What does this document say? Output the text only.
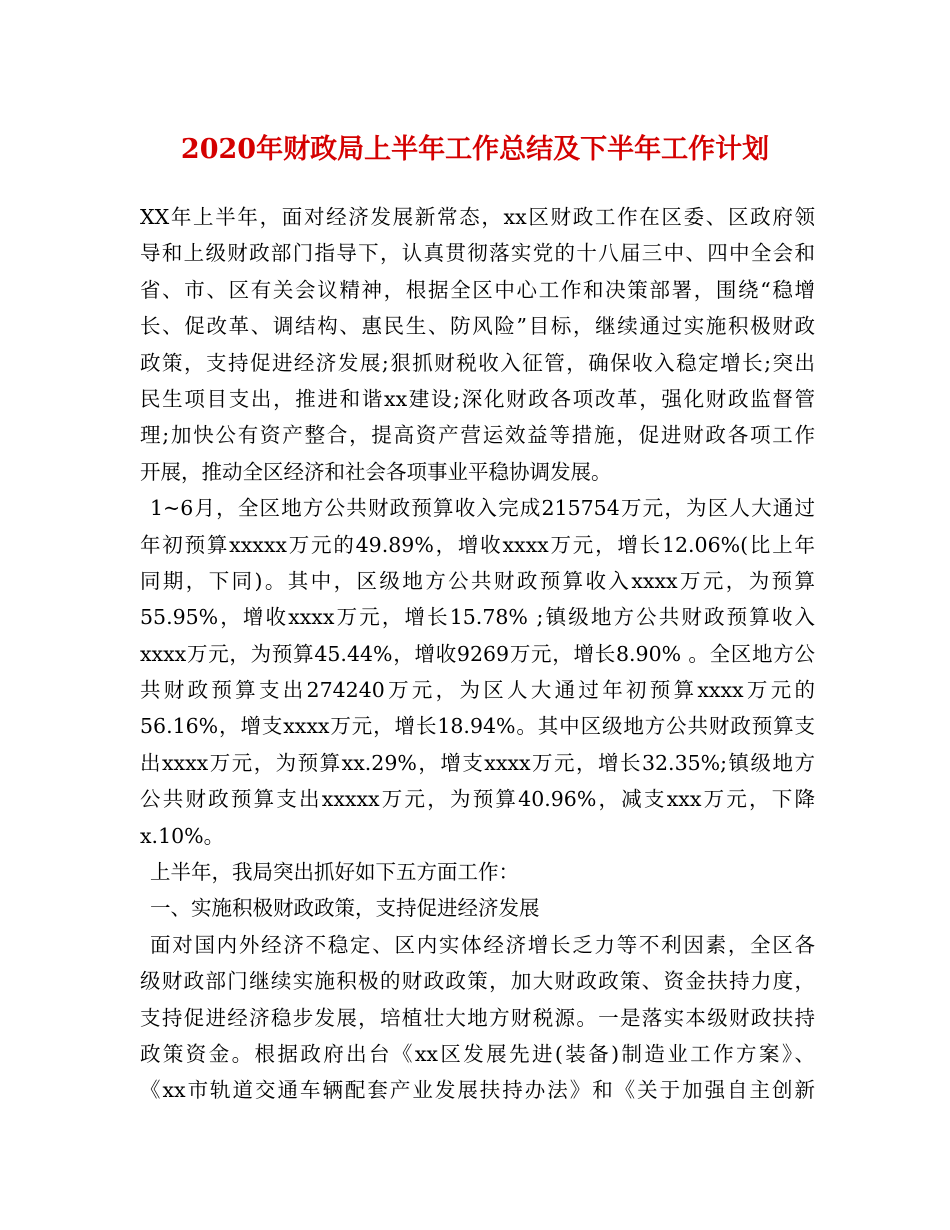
2020年财政局上半年工作总结及下半年工作计划
XX年上半年，面对经济发展新常态，xx区财政工作在区委、区政府领
导和上级财政部门指导下，认真贯彻落实党的十八届三中、四中全会和
省、市、区有关会议精神，根据全区中心工作和决策部署，围绕“稳增
长、促改革、调结构、惠民生、防风险”目标，继续通过实施积极财政
政策，支持促进经济发展;狠抓财税收入征管，确保收入稳定增长;突出
民生项目支出，推进和谐xx建设;深化财政各项改革，强化财政监督管
理;加快公有资产整合，提高资产营运效益等措施，促进财政各项工作
开展，推动全区经济和社会各项事业平稳协调发展。
1~6月，全区地方公共财政预算收入完成215754万元，为区人大通过
年初预算xxxxx万元的49.89%，增收xxxx万元，增长12.06%(比上年
同期，下同)。其中，区级地方公共财政预算收入xxxx万元，为预算
55.95%，增收xxxx万元，增长15.78% ;镇级地方公共财政预算收入
xxxx万元，为预算45.44%，增收9269万元，增长8.90% 。全区地方公
共财政预算支出274240万元，为区人大通过年初预算xxxx万元的
56.16%，增支xxxx万元，增长18.94%。其中区级地方公共财政预算支
出xxxx万元，为预算xx.29%，增支xxxx万元，增长32.35%;镇级地方
公共财政预算支出xxxxx万元，为预算40.96%，减支xxx万元，下降
x.10%。
上半年，我局突出抓好如下五方面工作：
一、实施积极财政政策，支持促进经济发展
面对国内外经济不稳定、区内实体经济增长乏力等不利因素，全区各
级财政部门继续实施积极的财政政策，加大财政政策、资金扶持力度，
支持促进经济稳步发展，培植壮大地方财税源。一是落实本级财政扶持
政策资金。根据政府出台《xx区发展先进(装备)制造业工作方案》、
《xx市轨道交通车辆配套产业发展扶持办法》和《关于加强自主创新
